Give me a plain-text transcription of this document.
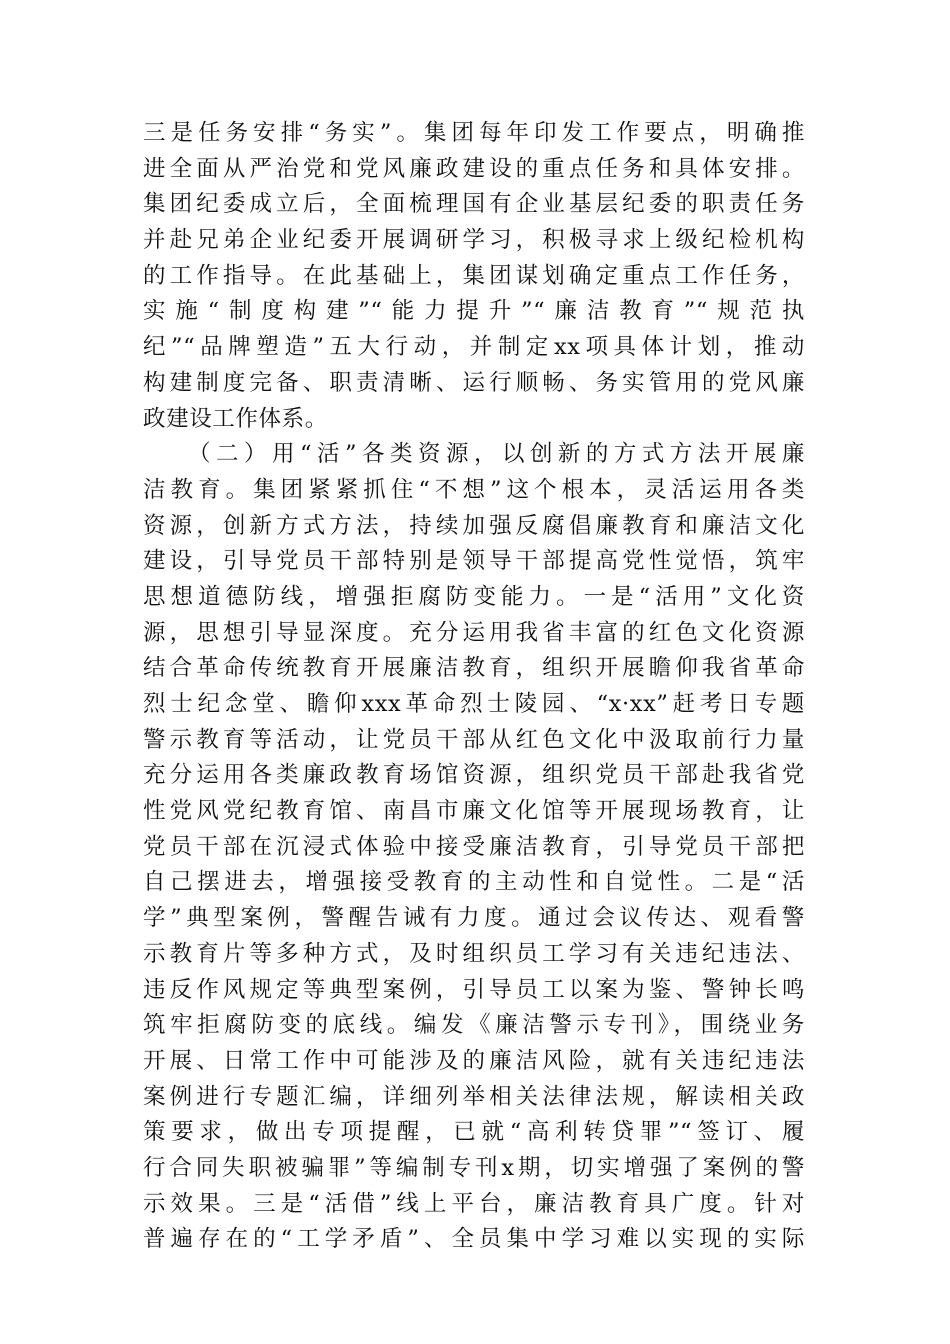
三是任务安排“务实”。集团每年印发工作要点，明确推
进全面从严治党和党风廉政建设的重点任务和具体安排。
集团纪委成立后，全面梳理国有企业基层纪委的职责任务
并赴兄弟企业纪委开展调研学习，积极寻求上级纪检机构
的工作指导。在此基础上，集团谋划确定重点工作任务，
实施“制度构建”“能力提升”“廉洁教育”“规范执
纪”“品牌塑造”五大行动，并制定xx项具体计划，推动
构建制度完备、职责清晰、运行顺畅、务实管用的党风廉
政建设工作体系。
（二）用“活”各类资源，以创新的方式方法开展廉
洁教育。集团紧紧抓住“不想”这个根本，灵活运用各类
资源，创新方式方法，持续加强反腐倡廉教育和廉洁文化
建设，引导党员干部特别是领导干部提高党性觉悟，筑牢
思想道德防线，增强拒腐防变能力。一是“活用”文化资
源，思想引导显深度。充分运用我省丰富的红色文化资源
结合革命传统教育开展廉洁教育，组织开展瞻仰我省革命
烈士纪念堂、瞻仰xxx革命烈士陵园、“x·xx”赶考日专题
警示教育等活动，让党员干部从红色文化中汲取前行力量
充分运用各类廉政教育场馆资源，组织党员干部赴我省党
性党风党纪教育馆、南昌市廉文化馆等开展现场教育，让
党员干部在沉浸式体验中接受廉洁教育，引导党员干部把
自己摆进去，增强接受教育的主动性和自觉性。二是“活
学”典型案例，警醒告诫有力度。通过会议传达、观看警
示教育片等多种方式，及时组织员工学习有关违纪违法、
违反作风规定等典型案例，引导员工以案为鉴、警钟长鸣
筑牢拒腐防变的底线。编发《廉洁警示专刊》，围绕业务
开展、日常工作中可能涉及的廉洁风险，就有关违纪违法
案例进行专题汇编，详细列举相关法律法规，解读相关政
策要求，做出专项提醒，已就“高利转贷罪”“签订、履
行合同失职被骗罪”等编制专刊x期，切实增强了案例的警
示效果。三是“活借”线上平台，廉洁教育具广度。针对
普遍存在的“工学矛盾”、全员集中学习难以实现的实际
